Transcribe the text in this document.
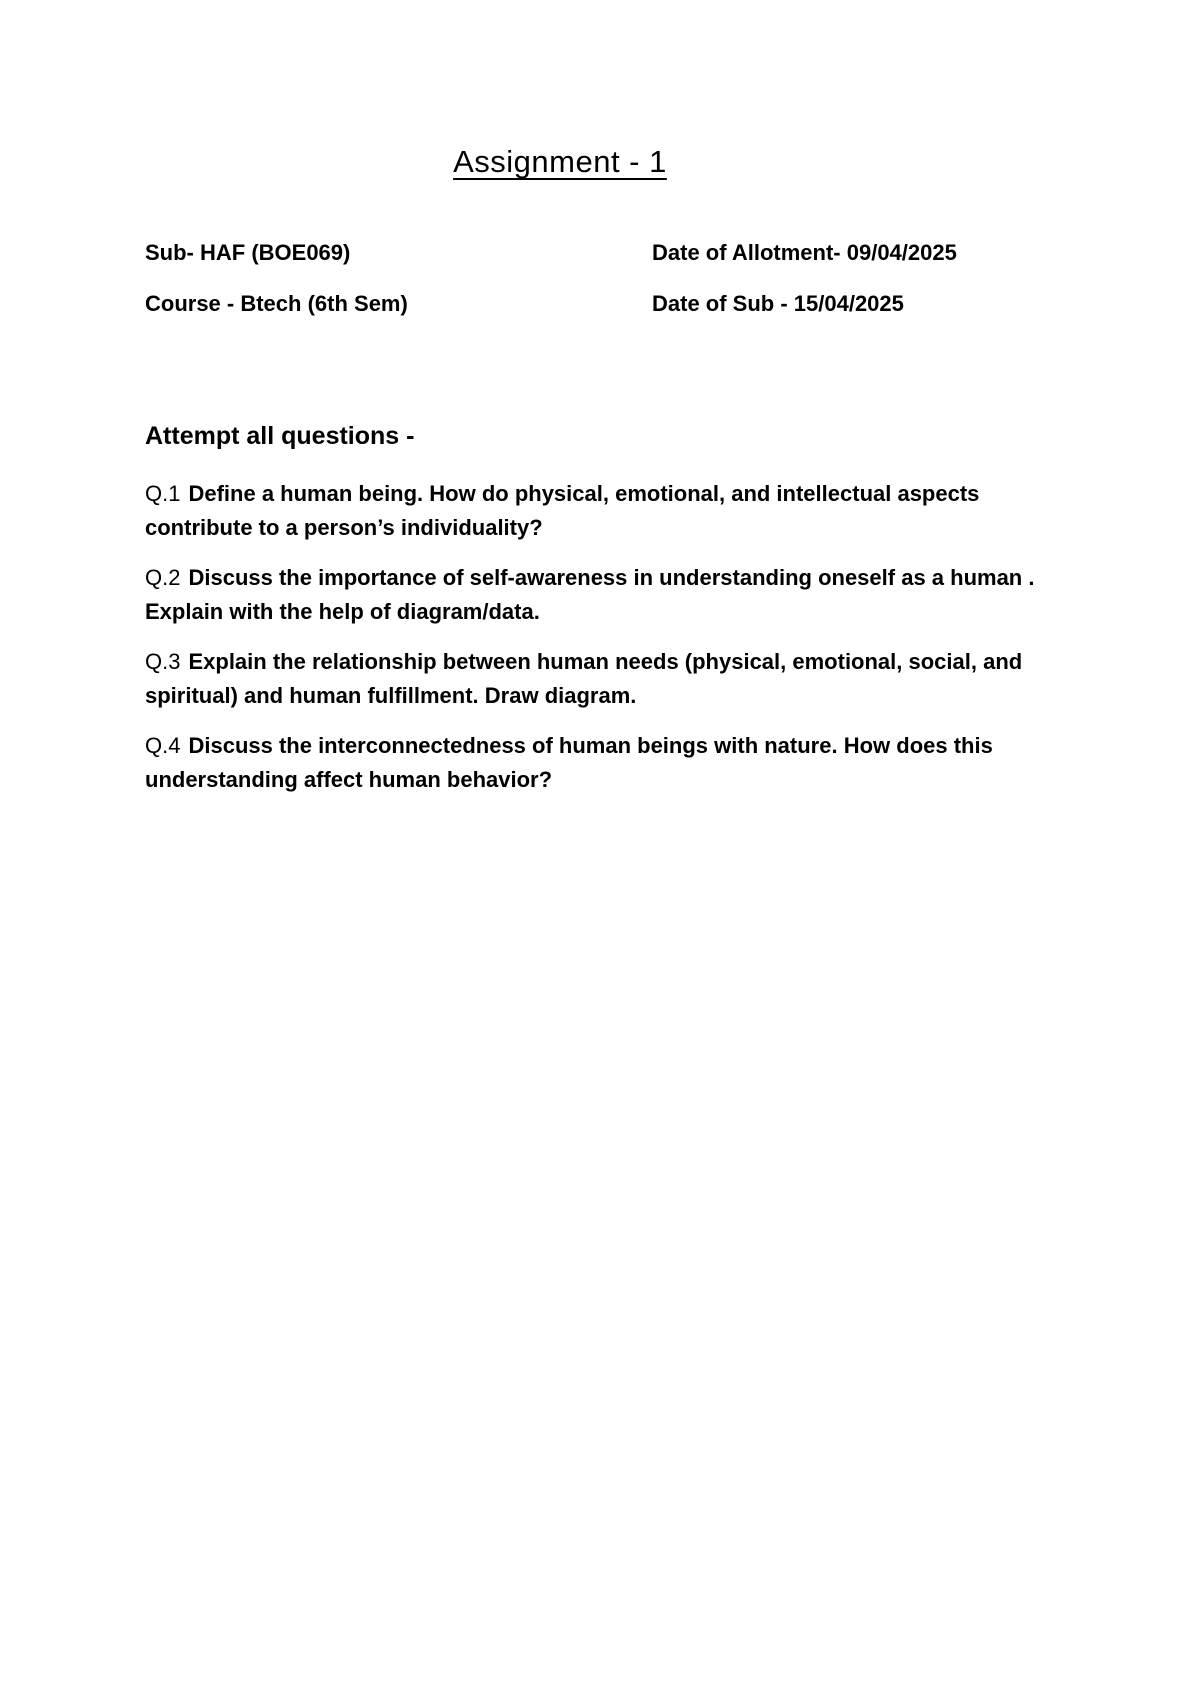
Assignment - 1
Sub- HAF (BOE069)	Date of Allotment- 09/04/2025
Course - Btech (6th Sem)	Date of Sub - 15/04/2025
Attempt all questions -
Q.1 Define a human being. How do physical, emotional, and intellectual aspects contribute to a person’s individuality?
Q.2 Discuss the importance of self-awareness in understanding oneself as a human . Explain with the help of diagram/data.
Q.3 Explain the relationship between human needs (physical, emotional, social, and spiritual) and human fulfillment. Draw diagram.
Q.4 Discuss the interconnectedness of human beings with nature. How does this understanding affect human behavior?
